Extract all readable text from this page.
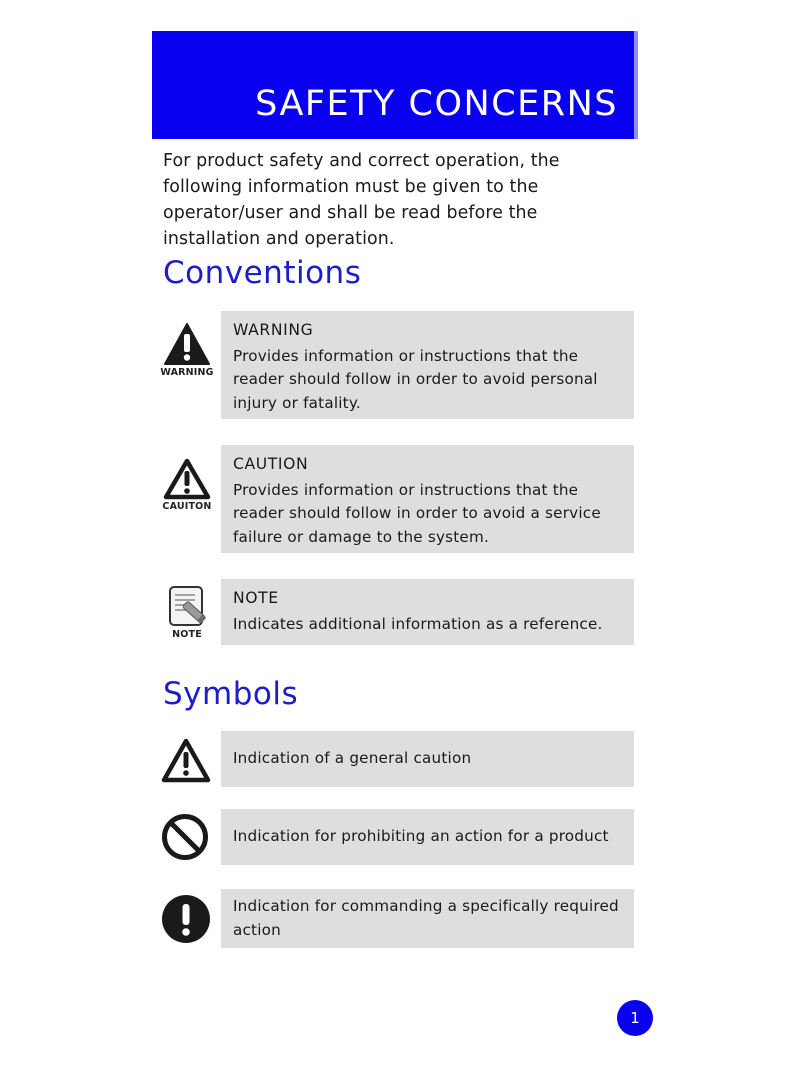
SAFETY CONCERNS
For product safety and correct operation, the following information must be given to the operator/user and shall be read before the installation and operation.
Conventions
WARNING
WARNING
Provides information or instructions that the reader should follow in order to avoid personal injury or fatality.
CAUITON
CAUTION
Provides information or instructions that the reader should follow in order to avoid a service failure or damage to the system.
NOTE
NOTE
Indicates additional information as a reference.
Symbols
Indication of a general caution
Indication for prohibiting an action for a product
Indication for commanding a specifically required action
1
